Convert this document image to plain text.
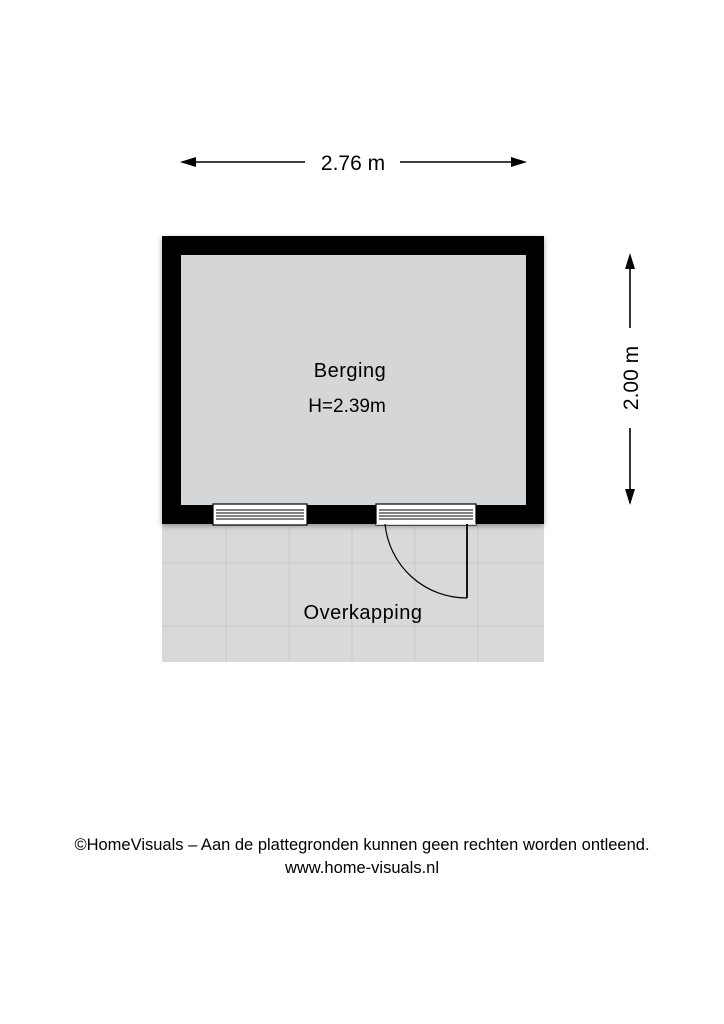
2.76 m
2.00 m
Overkapping
Berging
H=2.39m
©HomeVisuals – Aan de plattegronden kunnen geen rechten worden ontleend.
www.home-visuals.nl
